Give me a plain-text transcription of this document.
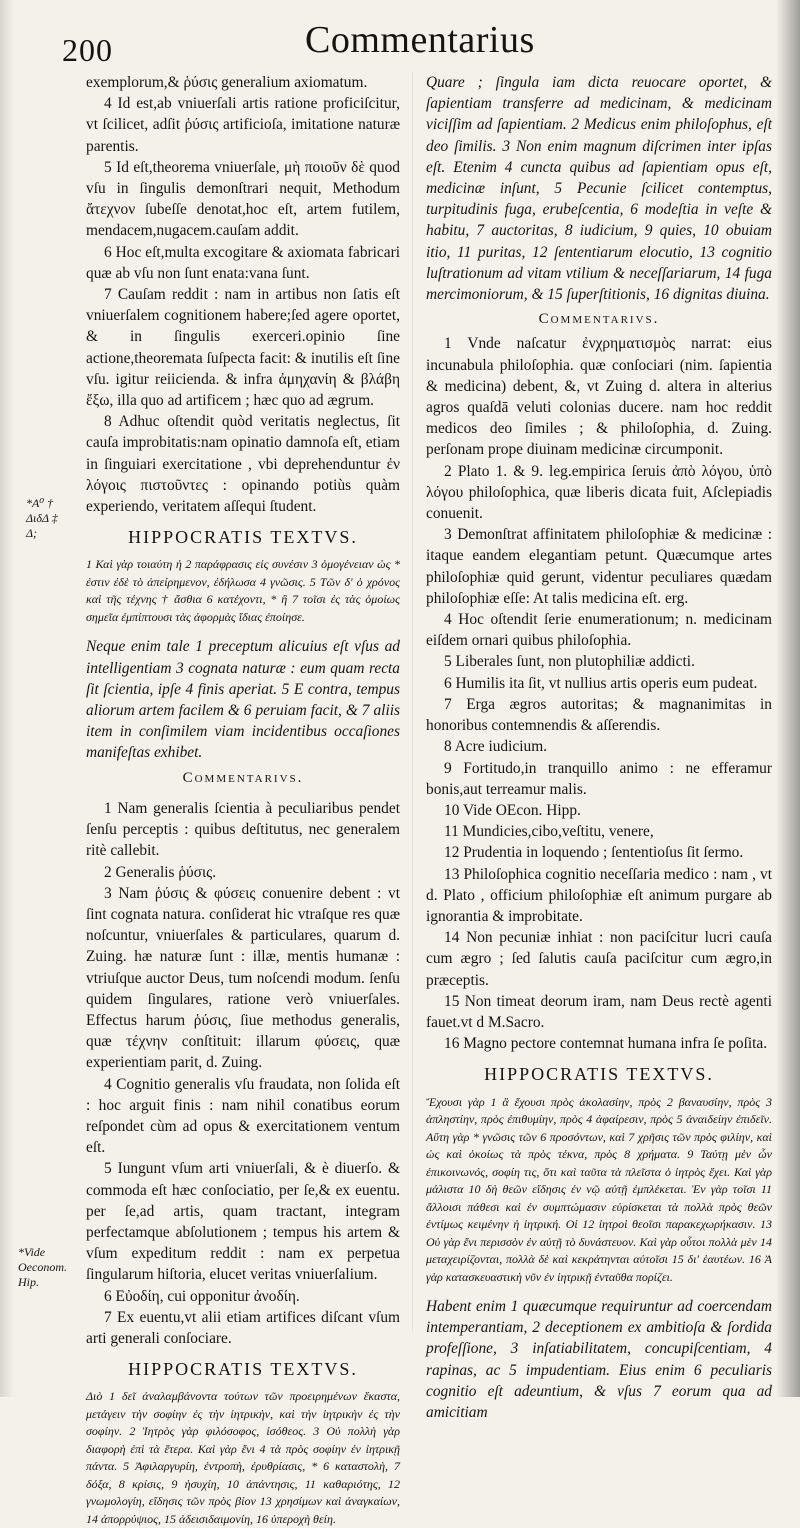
200	Commentarius
*A⁰ † ΔιδΔ ‡ Δ;
*Vide Oeconom. Hip.

exemplorum,& ῥύσις generalium axiomatum.

4 Id est,ab vniuerſali artis ratione proficiſcitur, vt ſcilicet, adſit ῥύσις artificioſa, imitatione naturæ parentis.

5 Id eſt,theorema vniuerſale, μὴ ποιοῦν δὲ quod vſu in ſingulis demonſtrari nequit, Methodum ἄτεχνον ſubeſſe denotat,hoc eſt, artem futilem, mendacem,nugacem.cauſam addit.

6 Hoc eſt,multa excogitare & axiomata fabricari quæ ab vſu non ſunt enata:vana ſunt.

7 Cauſam reddit : nam in artibus non ſatis eſt vniuerſalem cognitionem habere;ſed agere oportet, & in ſingulis exerceri.opinio ſine actione,theoremata ſuſpecta facit: & inutilis eſt ſine vſu. igitur reiicienda. & infra ἀμηχανίη & βλάβη ἔξω, illa quo ad artificem ; hæc quo ad ægrum.

8 Adhuc oſtendit quòd veritatis neglectus, ſit cauſa improbitatis:nam opinatio damnoſa eſt, etiam in ſinguiari exercitatione , vbi deprehenduntur ἐν λόγοις πιστοῦντες : opinando potiùs quàm experiendo, veritatem aſſequi ſtudent.

HIPPOCRATIS TEXTVS.

1 Καὶ γὰρ τοιαύτη ἡ 2 παράφρασις εἰς συνέσιν 3 ὁμογένειαν ὡς * ἐστιν ἐδὲ τὸ ἀπείρημενον, ἐδήλωσα 4 γνῶσις. 5 Τῶν δ' ὁ χρόνος καὶ τῆς τέχνης † ἄσθια 6 κατέχοντι, * ἢ 7 τοῖσι ἐς τὰς ὁμοίως σημεῖα ἐμπίπτουσι τὰς ἀφορμὰς ἴδιας ἐποίησε.

Neque enim tale 1 preceptum alicuius eſt vſus ad intelligentiam 3 cognata naturæ : eum quam recta ſit ſcientia, ipſe 4 finis aperiat. 5 E contra, tempus aliorum artem facilem & 6 peruiam facit, & 7 aliis item in conſimilem viam incidentibus occaſiones manifeſtas exhibet.

Commentarivs.

1 Nam generalis ſcientia à peculiaribus pendet ſenſu perceptis : quibus deſtitutus, nec generalem ritè callebit.

2 Generalis ῥύσις.

3 Nam ῥύσις & φύσεις conuenire debent : vt ſint cognata natura. conſiderat hic vtraſque res quæ noſcuntur, vniuerſales & particulares, quarum d. Zuing. hæ naturæ ſunt : illæ, mentis humanæ : vtriuſque auctor Deus, tum noſcendi modum. ſenſu quidem ſingulares, ratione verò vniuerſales. Effectus harum ῥύσις, ſiue methodus generalis, quæ τέχνην conſtituit: illarum φύσεις, quæ experientiam parit, d. Zuing.

4 Cognitio generalis vſu fraudata, non ſolida eſt : hoc arguit finis : nam nihil conatibus eorum reſpondet cùm ad opus & exercitationem ventum eſt.

5 Iungunt vſum arti vniuerſali, & è diuerſo. & commoda eſt hæc conſociatio, per ſe,& ex euentu. per ſe,ad artis, quam tractant, integram perfectamque abſolutionem ; tempus his artem & vſum expeditum reddit : nam ex perpetua ſingularum hiſtoria, elucet veritas vniuerſalium.

6 Εὐοδίη, cui opponitur ἀνοδίη.

7 Ex euentu,vt alii etiam artifices diſcant vſum arti generali conſociare.

HIPPOCRATIS TEXTVS.

Διὸ 1 δεῖ ἀναλαμβάνοντα τούτων τῶν προειρημένων ἕκαστα, μετάγειν τὴν σοφίην ἐς τὴν ἰητρικὴν, καὶ τὴν ἰητρικὴν ἐς τὴν σοφίην. 2 Ἰητρὸς γὰρ φιλόσοφος, ἰσόθεος. 3 Οὐ πολλὴ γὰρ διαφορὴ ἐπὶ τὰ ἕτερα. Καὶ γὰρ ἔνι 4 τὰ πρὸς σοφίην ἐν ἰητρικῇ πάντα. 5 Ἀφιλαργυρίη, ἐντροπὴ, ἐρυθρίασις, * 6 καταστολὴ, 7 δόξα, 8 κρίσις, 9 ἡσυχίη, 10 ἀπάντησις, 11 καθαριότης, 12 γνωμολογίη, εἴδησις τῶν πρὸς βίον 13 χρησίμων καὶ ἀναγκαίων, 14 ἀπορρύψιος, 15 ἀδεισιδαιμονίη, 16 ὑπεροχὴ θείη.

Quare ; ſingula iam dicta reuocare oportet, & ſapientiam transferre ad medicinam, & medicinam viciſſim ad ſapientiam. 2 Medicus enim philoſophus, eſt deo ſimilis. 3 Non enim magnum diſcrimen inter ipſas eſt. Etenim 4 cuncta quibus ad ſapientiam opus eſt, medicinæ inſunt, 5 Pecunie ſcilicet contemptus, turpitudinis fuga, erubeſcentia, 6 modeſtia in veſte & habitu, 7 auctoritas, 8 iudicium, 9 quies, 10 obuiam itio, 11 puritas, 12 ſententiarum elocutio, 13 cognitio luſtrationum ad vitam vtilium & neceſſariarum, 14 fuga mercimoniorum, & 15 ſuperſtitionis, 16 dignitas diuina.

Commentarivs.

1 Vnde naſcatur ἐνχρηματισμὸς narrat: eius incunabula philoſophia. quæ conſociari (nim. ſapientia & medicina) debent, &, vt Zuing d. altera in alterius agros quaſdā veluti colonias ducere. nam hoc reddit medicos deo ſimiles ; & philoſophia, d. Zuing. perſonam prope diuinam medicinæ circumponit.

2 Plato 1. & 9. leg.empirica ſeruis ἀπὸ λόγου, ὑπὸ λόγου philoſophica, quæ liberis dicata fuit, Aſclepiadis conuenit.

3 Demonſtrat affinitatem philoſophiæ & medicinæ : itaque eandem elegantiam petunt. Quæcumque artes philoſophiæ quid gerunt, videntur peculiares quædam philoſophiæ eſſe: At talis medicina eſt. erg.

4 Hoc oſtendit ſerie enumerationum; n. medicinam eiſdem ornari quibus philoſophia.

5 Liberales ſunt, non plutophiliæ addicti.

6 Humilis ita ſit, vt nullius artis operis eum pudeat.

7 Erga ægros autoritas; & magnanimitas in honoribus contemnendis & aſſerendis.

8 Acre iudicium.

9 Fortitudo,in tranquillo animo : ne efferamur bonis,aut terreamur malis.

10 Vide OEcon. Hipp.

11 Mundicies,cibo,veſtitu, venere,

12 Prudentia in loquendo ; ſententioſus ſit ſermo.

13 Philoſophica cognitio neceſſaria medico : nam , vt d. Plato , officium philoſophiæ eſt animum purgare ab ignorantia & improbitate.

14 Non pecuniæ inhiat : non paciſcitur lucri cauſa cum ægro ; ſed ſalutis cauſa paciſcitur cum ægro,in præceptis.

15 Non timeat deorum iram, nam Deus rectè agenti fauet.vt d M.Sacro.

16 Magno pectore contemnat humana infra ſe poſita.

HIPPOCRATIS TEXTVS.

Ἔχουσι γὰρ 1 ἃ ἔχουσι πρὸς ἀκολασίην, πρὸς 2 βαναυσίην, πρὸς 3 ἀπληστίην, πρὸς ἐπιθυμίην, πρὸς 4 ἀφαίρεσιν, πρὸς 5 ἀναιδείην ἐπιδεῖν. Αὕτη γὰρ * γνῶσις τῶν 6 προσόντων, καὶ 7 χρῆσις τῶν πρὸς φιλίην, καὶ ὡς καὶ ὁκοίως τὰ πρὸς τέκνα, πρὸς 8 χρήματα. 9 Ταύτῃ μὲν ὧν ἐπικοινωνός, σοφίη τις, ὅτι καὶ ταῦτα τὰ πλεῖστα ὁ ἰητρὸς ἔχει. Καὶ γὰρ μάλιστα 10 δὴ θεῶν εἴδησις ἐν νῷ αὐτῇ ἐμπλέκεται. Ἐν γὰρ τοῖσι 11 ἄλλοισι πάθεσι καὶ ἐν συμπτώμασιν εὑρίσκεται τὰ πολλὰ πρὸς θεῶν ἐντίμως κειμένην ἡ ἰητρική. Οἱ 12 ἰητροὶ θεοῖσι παρακεχωρήκασιν. 13 Οὐ γὰρ ἔνι περισσὸν ἐν αὐτῇ τὸ δυνάστευον. Καὶ γὰρ οὗτοι πολλὰ μὲν 14 μεταχειρίζονται, πολλὰ δὲ καὶ κεκράτηνται αὐτοῖσι 15 δι' ἑαυτέων. 16 Ἀ γὰρ κατασκευαστικὴ νῦν ἐν ἰητρικῇ ἐνταῦθα πορίζει.

Habent enim 1 quæcumque requiruntur ad coercendam intemperantiam, 2 deceptionem ex ambitioſa & ſordida profeſſione, 3 inſatiabilitatem, concupiſcentiam, 4 rapinas, ac 5 impudentiam. Eius enim 6 peculiaris cognitio eſt adeuntium, & vſus 7 eorum qua ad amicitiam
